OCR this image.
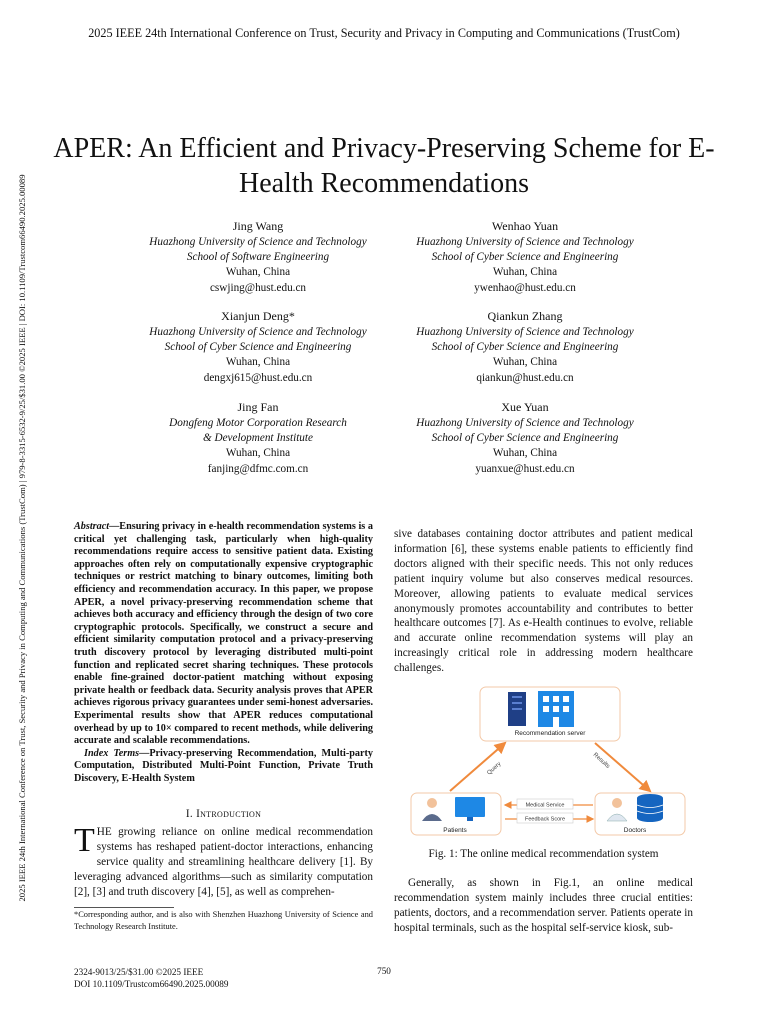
2025 IEEE 24th International Conference on Trust, Security and Privacy in Computing and Communications (TrustCom)
2025 IEEE 24th International Conference on Trust, Security and Privacy in Computing and Communications (TrustCom) | 979-8-3315-6532-9/25/$31.00 ©2025 IEEE | DOI: 10.1109/Trustcom66490.2025.00089
APER: An Efficient and Privacy-Preserving Scheme for E-Health Recommendations
Jing Wang
Huazhong University of Science and Technology
School of Software Engineering
Wuhan, China
cswjing@hust.edu.cn
Wenhao Yuan
Huazhong University of Science and Technology
School of Cyber Science and Engineering
Wuhan, China
ywenhao@hust.edu.cn
Xianjun Deng*
Huazhong University of Science and Technology
School of Cyber Science and Engineering
Wuhan, China
dengxj615@hust.edu.cn
Qiankun Zhang
Huazhong University of Science and Technology
School of Cyber Science and Engineering
Wuhan, China
qiankun@hust.edu.cn
Jing Fan
Dongfeng Motor Corporation Research
& Development Institute
Wuhan, China
fanjing@dfmc.com.cn
Xue Yuan
Huazhong University of Science and Technology
School of Cyber Science and Engineering
Wuhan, China
yuanxue@hust.edu.cn
Abstract—Ensuring privacy in e-health recommendation systems is a critical yet challenging task, particularly when high-quality recommendations require access to sensitive patient data. Existing approaches often rely on computationally expensive cryptographic techniques or restrict matching to binary outcomes, limiting both efficiency and recommendation accuracy. In this paper, we propose APER, a novel privacy-preserving recommendation scheme that achieves both accuracy and efficiency through the design of two core cryptographic protocols. Specifically, we construct a secure and efficient similarity computation protocol and a privacy-preserving truth discovery protocol by leveraging distributed multi-point function and replicated secret sharing techniques. These protocols enable fine-grained doctor-patient matching without exposing private health or feedback data. Security analysis proves that APER achieves rigorous privacy guarantees under semi-honest adversaries. Experimental results show that APER reduces computational overhead by up to 10× compared to recent methods, while delivering accurate and scalable recommendations.
Index Terms—Privacy-preserving Recommendation, Multi-party Computation, Distributed Multi-Point Function, Private Truth Discovery, E-Health System
I. Introduction
THE growing reliance on online medical recommendation systems has reshaped patient-doctor interactions, enhancing service quality and streamlining healthcare delivery [1]. By leveraging advanced algorithms—such as similarity computation [2], [3] and truth discovery [4], [5], as well as comprehen-
*Corresponding author, and is also with Shenzhen Huazhong University of Science and Technology Research Institute.
sive databases containing doctor attributes and patient medical information [6], these systems enable patients to efficiently find doctors aligned with their specific needs. This not only reduces patient inquiry volume but also conserves medical resources. Moreover, allowing patients to evaluate medical services anonymously promotes accountability and contributes to better healthcare outcomes [7]. As e-Health continues to evolve, reliable and accurate online recommendation systems will play an increasingly critical role in addressing modern healthcare challenges.
Recommendation server
Query	Results
Patients	Doctors
Medical Service
Feedback Score
Fig. 1: The online medical recommendation system
Generally, as shown in Fig.1, an online medical recommendation system mainly includes three crucial entities: patients, doctors, and a recommendation server. Patients operate in hospital terminals, such as the hospital self-service kiosk, sub-
2324-9013/25/$31.00 ©2025 IEEE
DOI 10.1109/Trustcom66490.2025.00089
750
